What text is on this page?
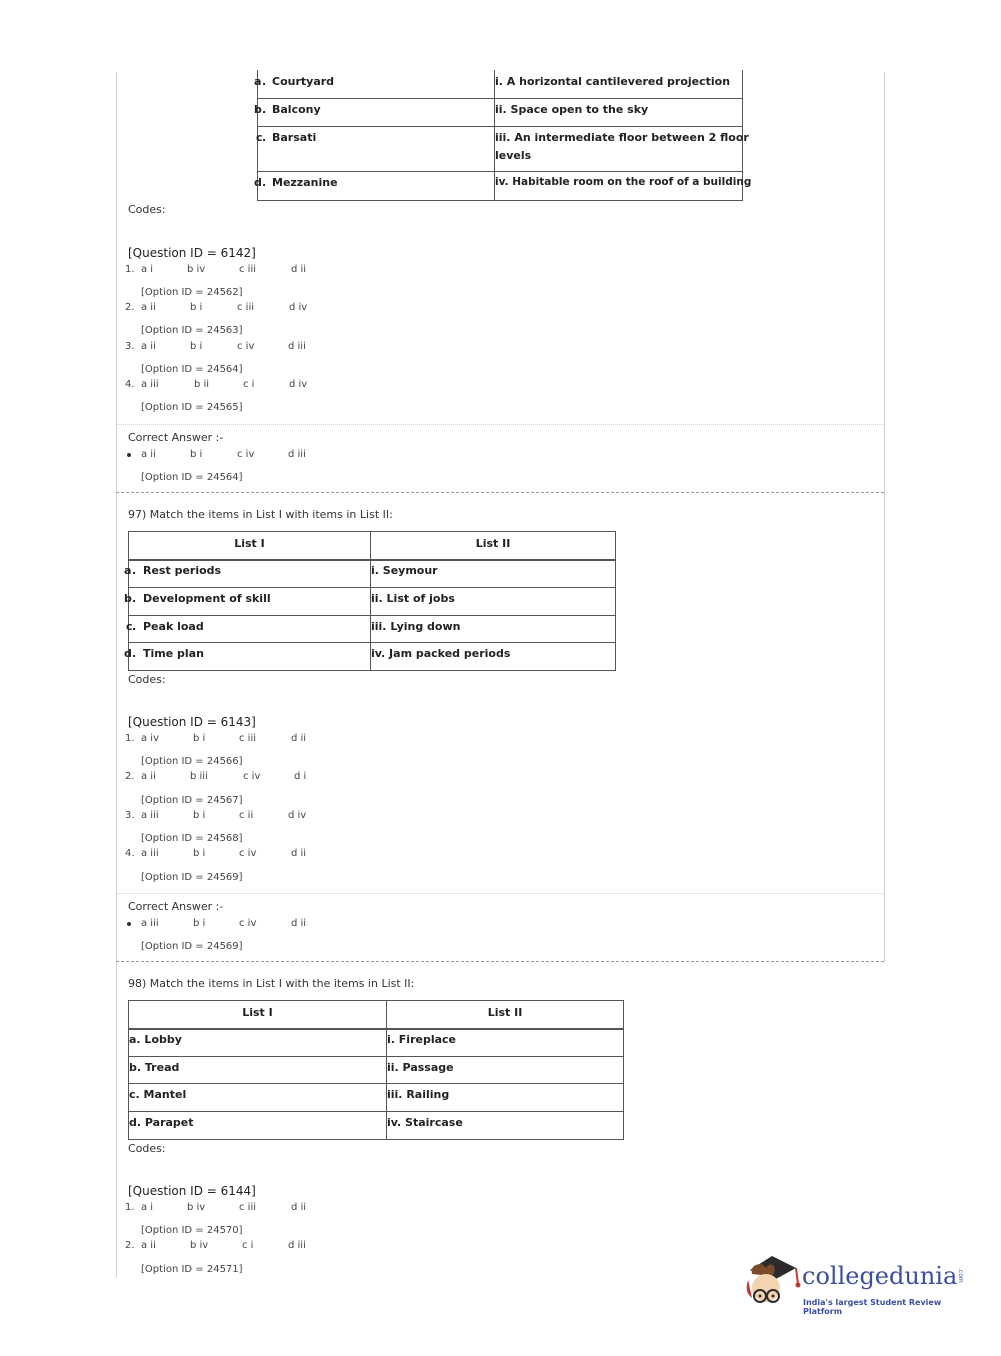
a . Courtyard	i. A horizontal cantilevered projection
b . Balcony	ii. Space open to the sky
c . Barsati	iii. An intermediate floor between 2 floor
levels
d . Mezzanine	iv. Habitable room on the roof of a building
Codes:
[Question ID = 6142]
1. a i	b iv	c iii	d ii
[Option ID = 24562]
2. a ii	b i	c iii	d iv
[Option ID = 24563]
3. a ii	b i	c iv	d iii
[Option ID = 24564]
4. a iii	b ii	c i	d iv
[Option ID = 24565]
Correct Answer :-
a ii	b i	c iv	d iii
[Option ID = 24564]
97) Match the items in List I with items in List II:
List I	List II
a . Rest periods	i. Seymour
b . Development of skill	ii. List of jobs
c . Peak load	iii. Lying down
d . Time plan	iv. Jam packed periods
Codes:
[Question ID = 6143]
1. a iv	b i	c iii	d ii
[Option ID = 24566]
2. a ii	b iii	c iv	d i
[Option ID = 24567]
3. a iii	b i	c ii	d iv
[Option ID = 24568]
4. a iii	b i	c iv	d ii
[Option ID = 24569]
Correct Answer :-
a iii	b i	c iv	d ii
[Option ID = 24569]
98) Match the items in List I with the items in List II:
List I	List II
a. Lobby	i. Fireplace
b. Tread	ii. Passage
c. Mantel	iii. Railing
d. Parapet	iv. Staircase
Codes:
[Question ID = 6144]
1. a i	b iv	c iii	d ii
[Option ID = 24570]
2. a ii	b iv	c i	d iii
[Option ID = 24571]	collegedunia .com
India's largest Student Review Platform
